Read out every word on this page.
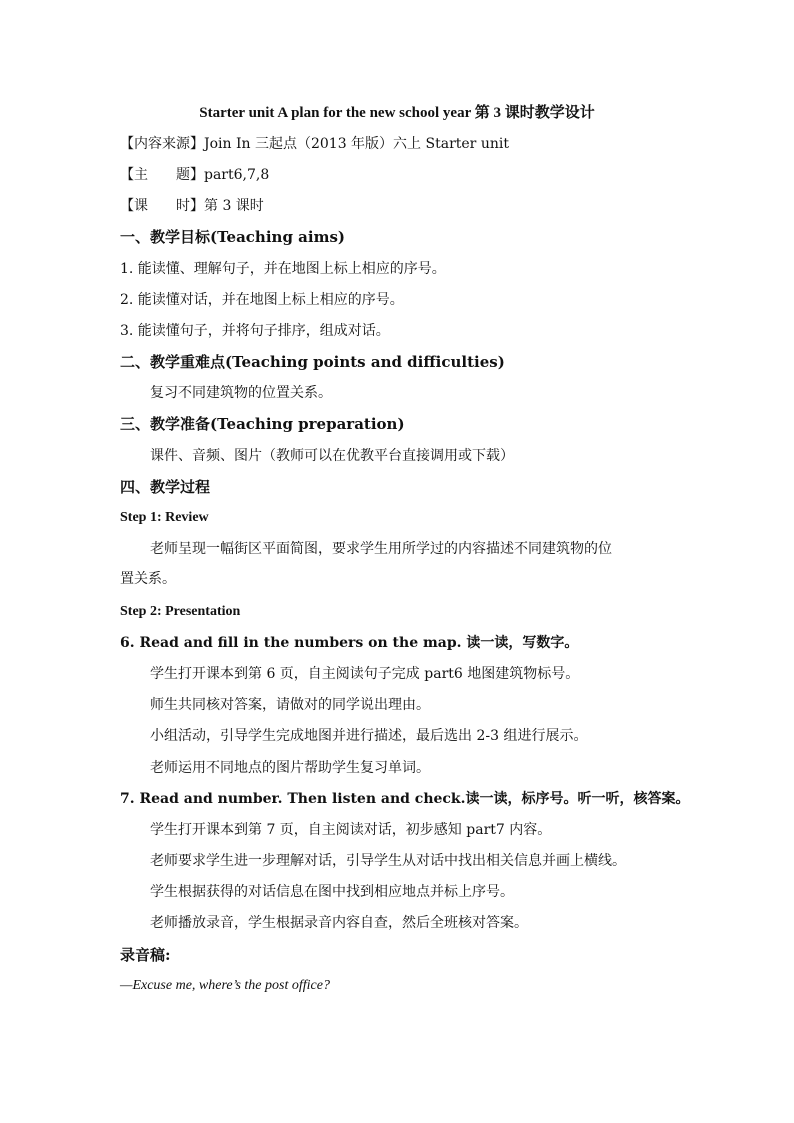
Starter unit A plan for the new school year 第 3 课时教学设计
【内容来源】Join In 三起点（2013 年版）六上 Starter unit
【主 题】part6,7,8
【课 时】第 3 课时
一、教学目标(Teaching aims)
1. 能读懂、理解句子，并在地图上标上相应的序号。
2. 能读懂对话，并在地图上标上相应的序号。
3. 能读懂句子，并将句子排序，组成对话。
二、教学重难点(Teaching points and difficulties)
复习不同建筑物的位置关系。
三、教学准备(Teaching preparation)
课件、音频、图片（教师可以在优教平台直接调用或下载）
四、教学过程
Step 1: Review
老师呈现一幅街区平面简图，要求学生用所学过的内容描述不同建筑物的位
置关系。
Step 2: Presentation
6. Read and fill in the numbers on the map. 读一读，写数字。
学生打开课本到第 6 页，自主阅读句子完成 part6 地图建筑物标号。
师生共同核对答案，请做对的同学说出理由。
小组活动，引导学生完成地图并进行描述，最后选出 2-3 组进行展示。
老师运用不同地点的图片帮助学生复习单词。
7. Read and number. Then listen and check.读一读，标序号。听一听，核答案。
学生打开课本到第 7 页，自主阅读对话，初步感知 part7 内容。
老师要求学生进一步理解对话，引导学生从对话中找出相关信息并画上横线。
学生根据获得的对话信息在图中找到相应地点并标上序号。
老师播放录音，学生根据录音内容自查，然后全班核对答案。
录音稿:
—Excuse me, where’s the post office?
